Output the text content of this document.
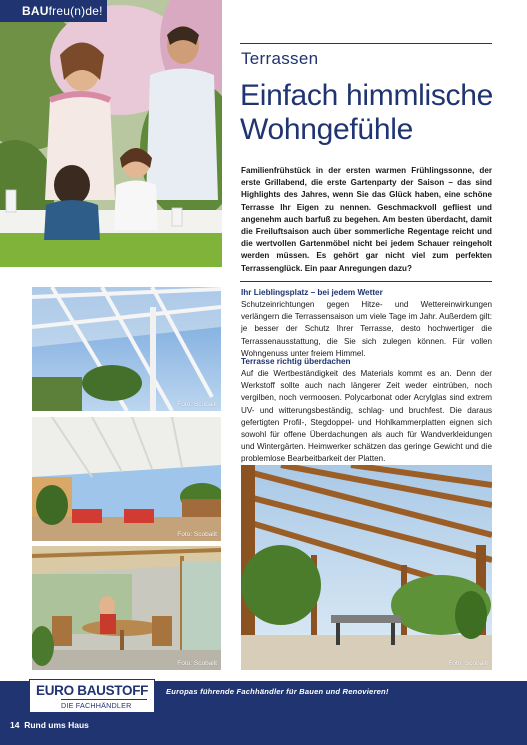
BAUfreu(n)de!
Terrassen
Einfach himmlische
Wohngefühle

Familienfrühstück in der ersten warmen Frühlingssonne, der erste Grillabend, die erste Gartenparty der Saison – das sind Highlights des Jahres, wenn Sie das Glück haben, eine schöne Terrasse Ihr Eigen zu nennen. Geschmackvoll gefliest und angenehm auch barfuß zu begehen. Am besten überdacht, damit die Freiluftsaison auch über sommerliche Regentage reicht und die wertvollen Gartenmöbel nicht bei jedem Schauer reingeholt werden müssen. Es gehört gar nicht viel zum perfekten Terrassenglück. Ein paar Anregungen dazu?

Ihr Lieblingsplatz – bei jedem Wetter

Schutzeinrichtungen gegen Hitze- und Wettereinwirkungen verlängern die Terrassensaison um viele Tage im Jahr. Außerdem gilt: je besser der Schutz Ihrer Terrasse, desto hochwertiger die Terrassenausstattung, die Sie sich zulegen können. Für vollen Wohngenuss unter freiem Himmel.

Terrasse richtig überdachen

Auf die Wertbeständigkeit des Materials kommt es an. Denn der Werkstoff sollte auch nach längerer Zeit weder eintrüben, noch vergilben, noch vermoosen. Polycarbonat oder Acrylglas sind extrem UV- und witterungsbeständig, schlag- und bruchfest. Die daraus gefertigten Profil-, Stegdoppel- und Hohlkammerplatten eignen sich sowohl für offene Überdachungen als auch für Wandverkleidungen und Wintergärten. Heimwerker schätzen das geringe Gewicht und die problemlose Bearbeitbarkeit der Platten.

Foto: Scobalit
Foto: Scobalit
Foto: Scobalit	Foto: Scobalit
Europas führende Fachhändler für Bauen und Renovieren!
EURO BAUSTOFF
DIE FACHHÄNDLER
14 Rund ums Haus
